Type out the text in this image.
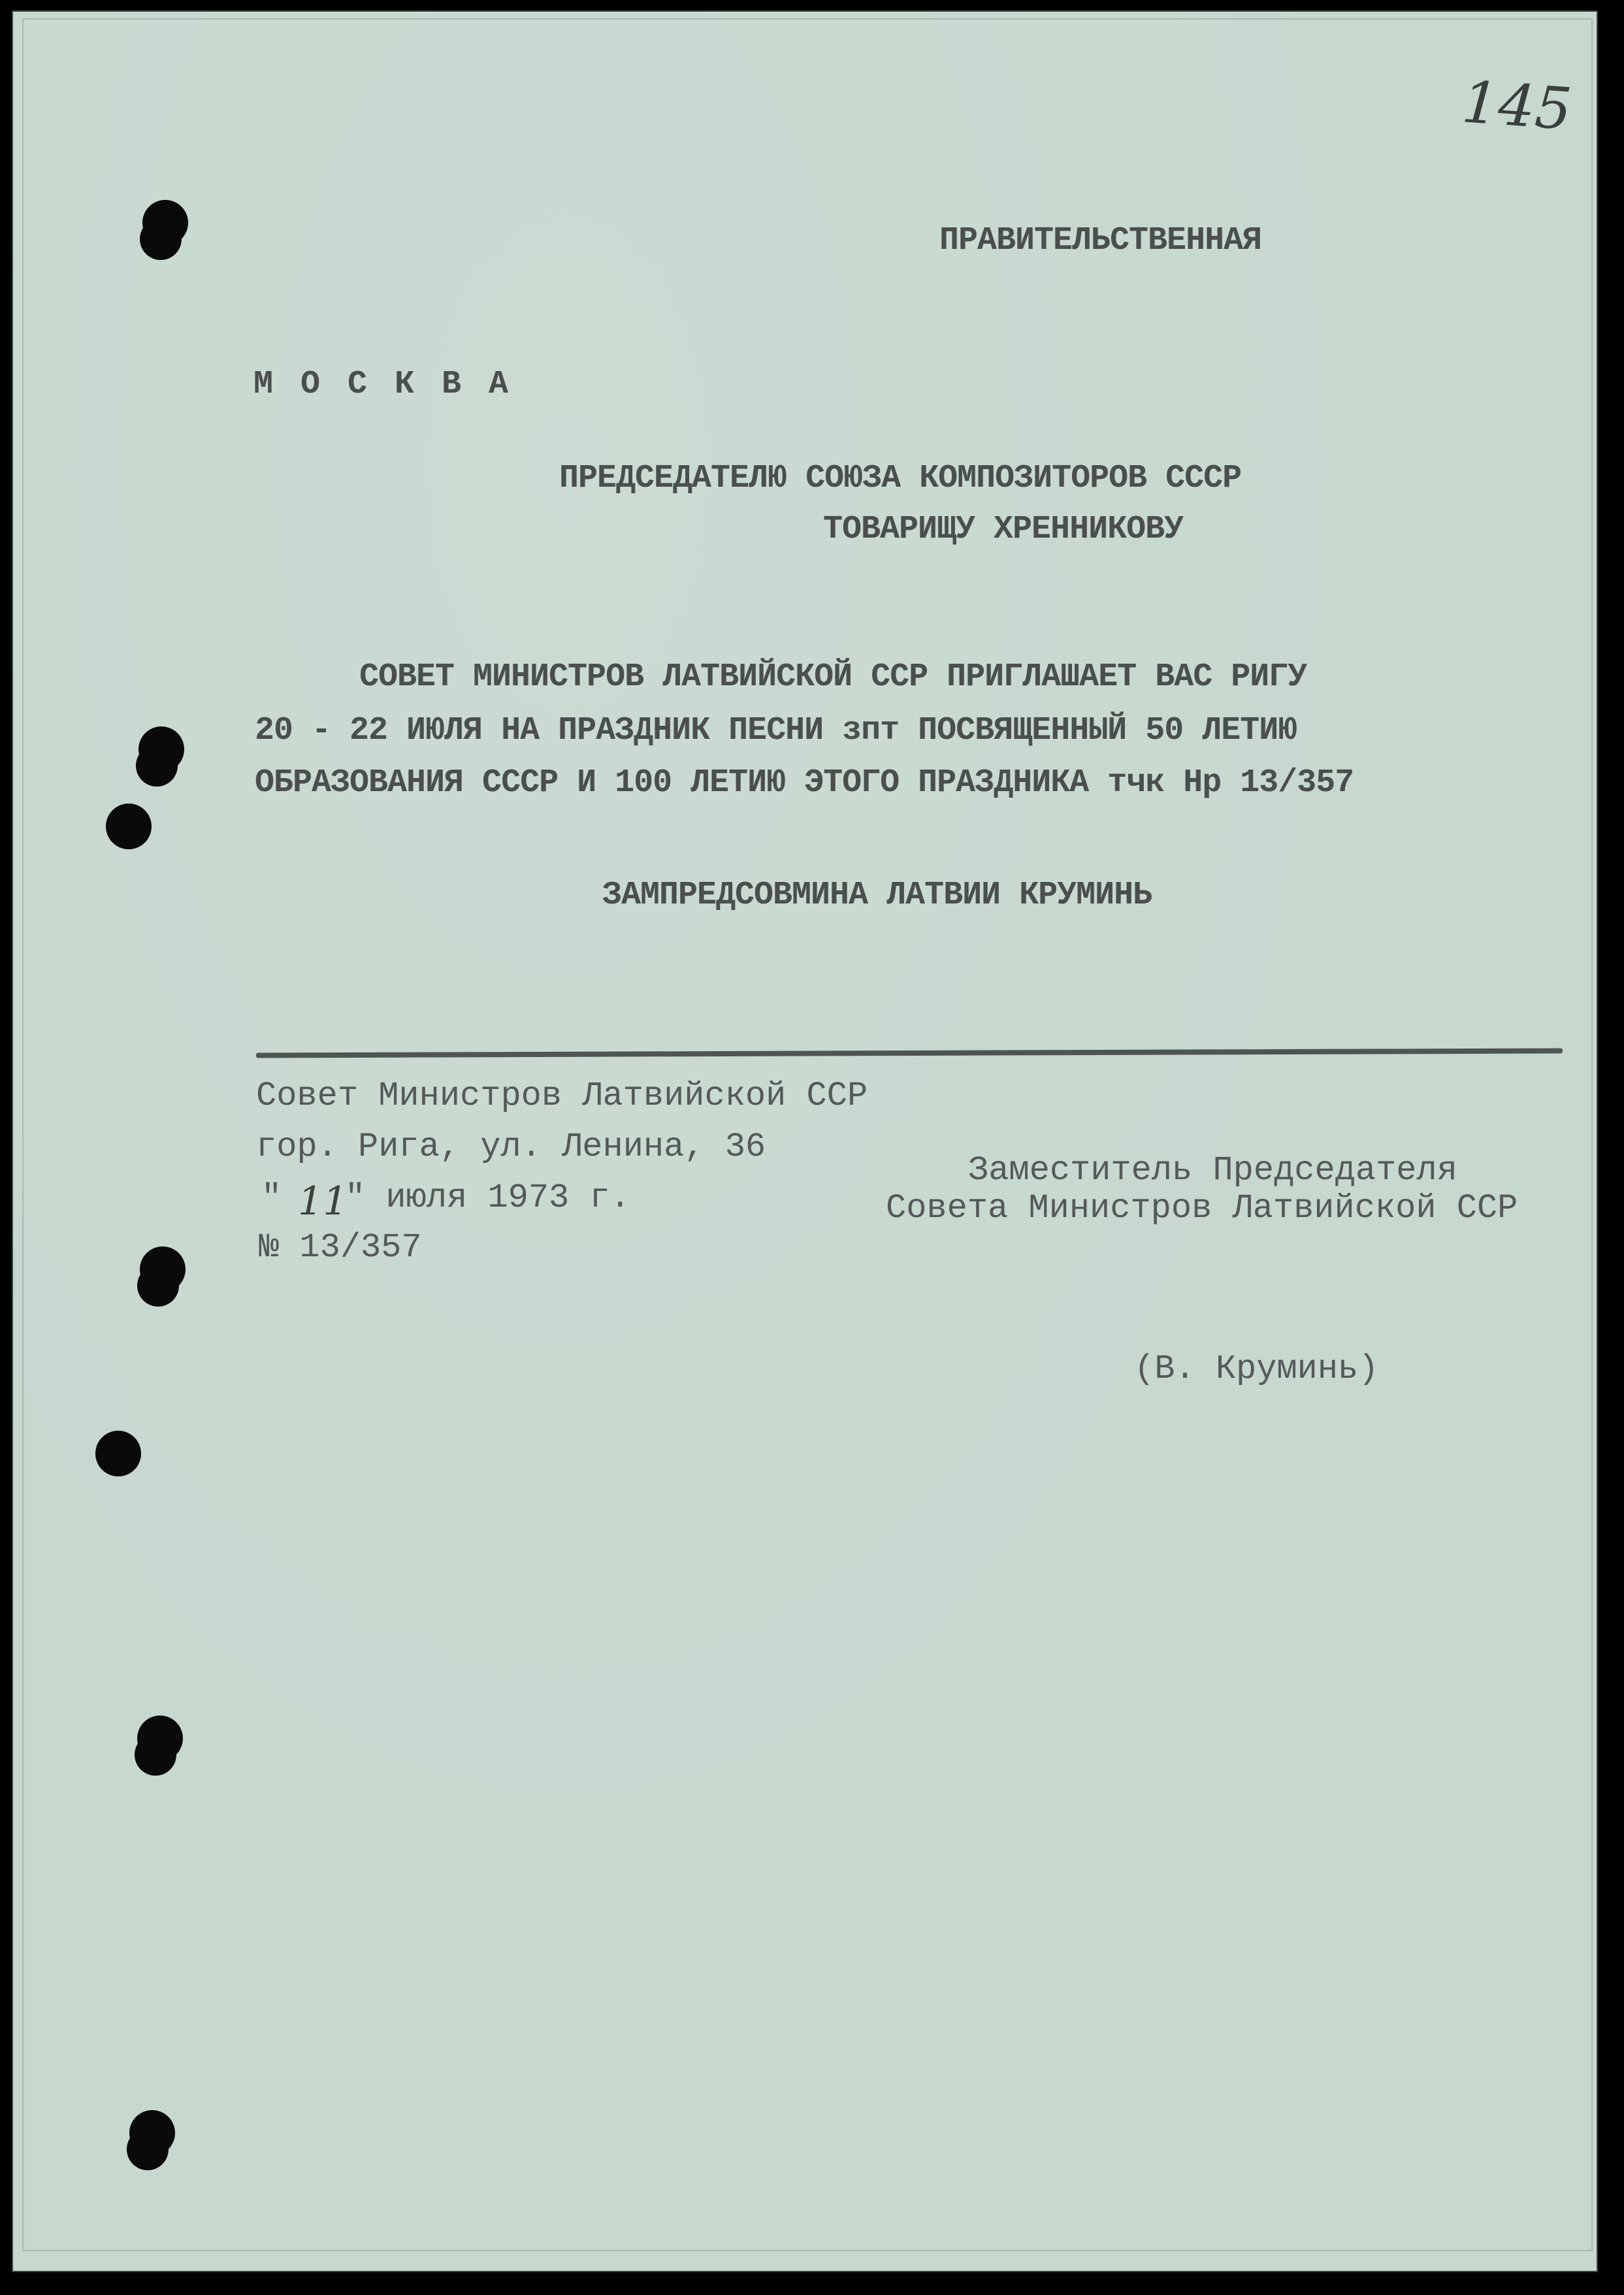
145
ПРАВИТЕЛЬСТВЕННАЯ
М О С К В А
ПРЕДСЕДАТЕЛЮ СОЮЗА КОМПОЗИТОРОВ СССР
ТОВАРИЩУ ХРЕННИКОВУ
СОВЕТ МИНИСТРОВ ЛАТВИЙСКОЙ ССР ПРИГЛАШАЕТ ВАС РИГУ
20 - 22 ИЮЛЯ НА ПРАЗДНИК ПЕСНИ зпт ПОСВЯЩЕННЫЙ 50 ЛЕТИЮ
ОБРАЗОВАНИЯ СССР И 100 ЛЕТИЮ ЭТОГО ПРАЗДНИКА тчк Нр 13/357
ЗАМПРЕДСОВМИНА ЛАТВИИ КРУМИНЬ
Совет Министров Латвийской ССР
гор. Рига, ул. Ленина, 36
" 11
" июля 1973 г.
№ 13/357
Заместитель Председателя
Совета Министров Латвийской ССР
(В. Круминь)
